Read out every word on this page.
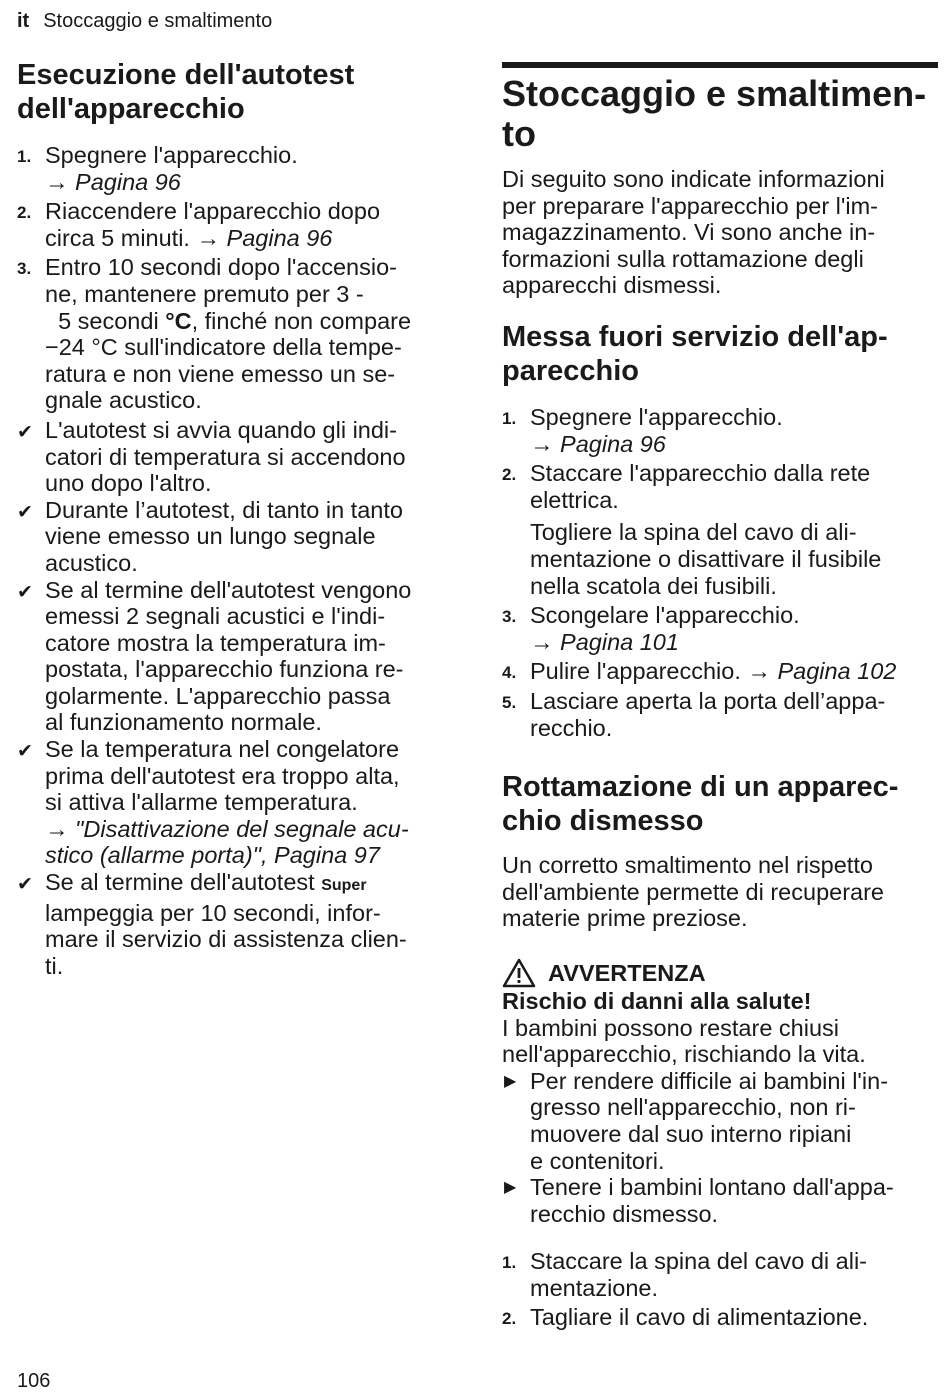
it Stoccaggio e smaltimento
Esecuzione dell'autotest
dell'apparecchio
1. Spegnere l'apparecchio.
→ Pagina 96
2. Riaccendere l'apparecchio dopo
circa 5 minuti. → Pagina 96
3. Entro 10 secondi dopo l'accensio-
ne, mantenere premuto per 3 -
5 secondi °C, finché non compare
−24 °C sull'indicatore della tempe-
ratura e non viene emesso un se-
gnale acustico.
✔ L'autotest si avvia quando gli indi-
catori di temperatura si accendono
uno dopo l'altro.
✔ Durante l’autotest, di tanto in tanto
viene emesso un lungo segnale
acustico.
✔ Se al termine dell'autotest vengono
emessi 2 segnali acustici e l'indi-
catore mostra la temperatura im-
postata, l'apparecchio funziona re-
golarmente. L'apparecchio passa
al funzionamento normale.
✔ Se la temperatura nel congelatore
prima dell'autotest era troppo alta,
si attiva l'allarme temperatura.
→ "Disattivazione del segnale acu-
stico (allarme porta)", Pagina 97
✔ Se al termine dell'autotest Super
lampeggia per 10 secondi, infor-
mare il servizio di assistenza clien-
ti.
Stoccaggio e smaltimen-
to
Di seguito sono indicate informazioni
per preparare l'apparecchio per l'im-
magazzinamento. Vi sono anche in-
formazioni sulla rottamazione degli
apparecchi dismessi.
Messa fuori servizio dell'ap-
parecchio
1. Spegnere l'apparecchio.
→ Pagina 96
2. Staccare l'apparecchio dalla rete
elettrica.
Togliere la spina del cavo di ali-
mentazione o disattivare il fusibile
nella scatola dei fusibili.
3. Scongelare l'apparecchio.
→ Pagina 101
4. Pulire l'apparecchio. → Pagina 102
5. Lasciare aperta la porta dell’appa-
recchio.
Rottamazione di un apparec-
chio dismesso
Un corretto smaltimento nel rispetto
dell'ambiente permette di recuperare
materie prime preziose.
AVVERTENZA
Rischio di danni alla salute!
I bambini possono restare chiusi
nell'apparecchio, rischiando la vita.
▶ Per rendere difficile ai bambini l'in-
gresso nell'apparecchio, non ri-
muovere dal suo interno ripiani
e contenitori.
▶ Tenere i bambini lontano dall'appa-
recchio dismesso.
1. Staccare la spina del cavo di ali-
mentazione.
2. Tagliare il cavo di alimentazione.
106
